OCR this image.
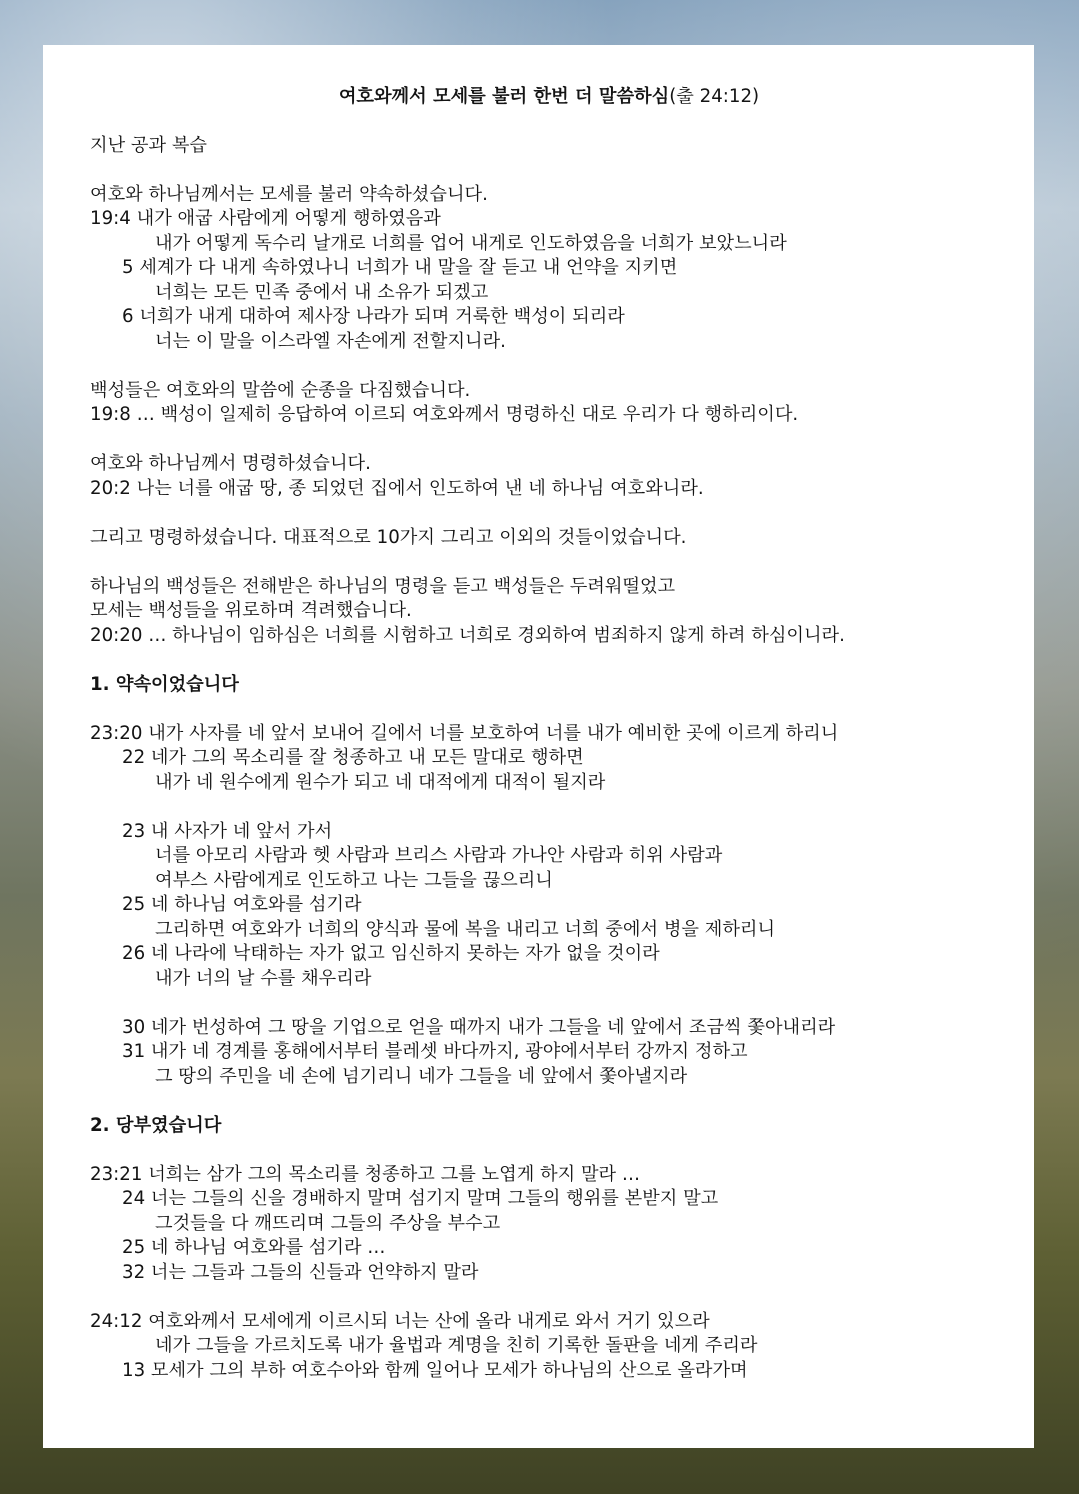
여호와께서 모세를 불러 한번 더 말씀하심(출 24:12)
지난 공과 복습
여호와 하나님께서는 모세를 불러 약속하셨습니다.
19:4 내가 애굽 사람에게 어떻게 행하였음과
내가 어떻게 독수리 날개로 너희를 업어 내게로 인도하였음을 너희가 보았느니라
5 세계가 다 내게 속하였나니 너희가 내 말을 잘 듣고 내 언약을 지키면
너희는 모든 민족 중에서 내 소유가 되겠고
6 너희가 내게 대하여 제사장 나라가 되며 거룩한 백성이 되리라
너는 이 말을 이스라엘 자손에게 전할지니라.
백성들은 여호와의 말씀에 순종을 다짐했습니다.
19:8 … 백성이 일제히 응답하여 이르되 여호와께서 명령하신 대로 우리가 다 행하리이다.
여호와 하나님께서 명령하셨습니다.
20:2 나는 너를 애굽 땅, 종 되었던 집에서 인도하여 낸 네 하나님 여호와니라.
그리고 명령하셨습니다. 대표적으로 10가지 그리고 이외의 것들이었습니다.
하나님의 백성들은 전해받은 하나님의 명령을 듣고 백성들은 두려워떨었고
모세는 백성들을 위로하며 격려했습니다.
20:20 … 하나님이 임하심은 너희를 시험하고 너희로 경외하여 범죄하지 않게 하려 하심이니라.
1. 약속이었습니다
23:20 내가 사자를 네 앞서 보내어 길에서 너를 보호하여 너를 내가 예비한 곳에 이르게 하리니
22 네가 그의 목소리를 잘 청종하고 내 모든 말대로 행하면
내가 네 원수에게 원수가 되고 네 대적에게 대적이 될지라
23 내 사자가 네 앞서 가서
너를 아모리 사람과 헷 사람과 브리스 사람과 가나안 사람과 히위 사람과
여부스 사람에게로 인도하고 나는 그들을 끊으리니
25 네 하나님 여호와를 섬기라
그리하면 여호와가 너희의 양식과 물에 복을 내리고 너희 중에서 병을 제하리니
26 네 나라에 낙태하는 자가 없고 임신하지 못하는 자가 없을 것이라
내가 너의 날 수를 채우리라
30 네가 번성하여 그 땅을 기업으로 얻을 때까지 내가 그들을 네 앞에서 조금씩 쫓아내리라
31 내가 네 경계를 홍해에서부터 블레셋 바다까지, 광야에서부터 강까지 정하고
그 땅의 주민을 네 손에 넘기리니 네가 그들을 네 앞에서 쫓아낼지라
2. 당부였습니다
23:21 너희는 삼가 그의 목소리를 청종하고 그를 노엽게 하지 말라 …
24 너는 그들의 신을 경배하지 말며 섬기지 말며 그들의 행위를 본받지 말고
그것들을 다 깨뜨리며 그들의 주상을 부수고
25 네 하나님 여호와를 섬기라 …
32 너는 그들과 그들의 신들과 언약하지 말라
24:12 여호와께서 모세에게 이르시되 너는 산에 올라 내게로 와서 거기 있으라
네가 그들을 가르치도록 내가 율법과 계명을 친히 기록한 돌판을 네게 주리라
13 모세가 그의 부하 여호수아와 함께 일어나 모세가 하나님의 산으로 올라가며
